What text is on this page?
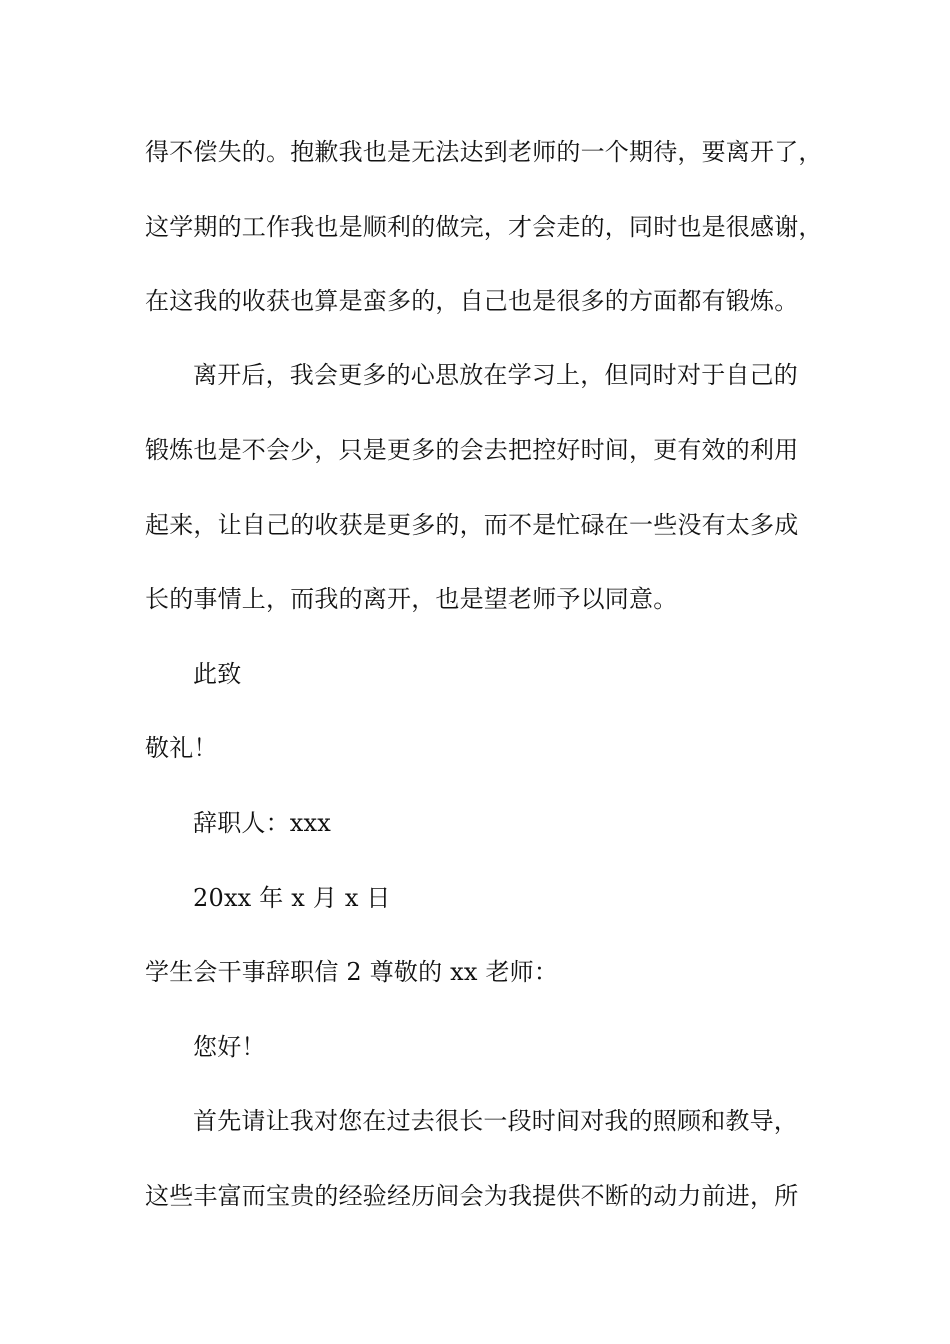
得不偿失的。抱歉我也是无法达到老师的一个期待，要离开了，
这学期的工作我也是顺利的做完，才会走的，同时也是很感谢，
在这我的收获也算是蛮多的，自己也是很多的方面都有锻炼。
离开后，我会更多的心思放在学习上，但同时对于自己的
锻炼也是不会少，只是更多的会去把控好时间，更有效的利用
起来，让自己的收获是更多的，而不是忙碌在一些没有太多成
长的事情上，而我的离开，也是望老师予以同意。
此致
敬礼！
辞职人：xxx
20xx 年 x 月 x 日
学生会干事辞职信 2 尊敬的 xx 老师：
您好！
首先请让我对您在过去很长一段时间对我的照顾和教导，
这些丰富而宝贵的经验经历间会为我提供不断的动力前进，所
